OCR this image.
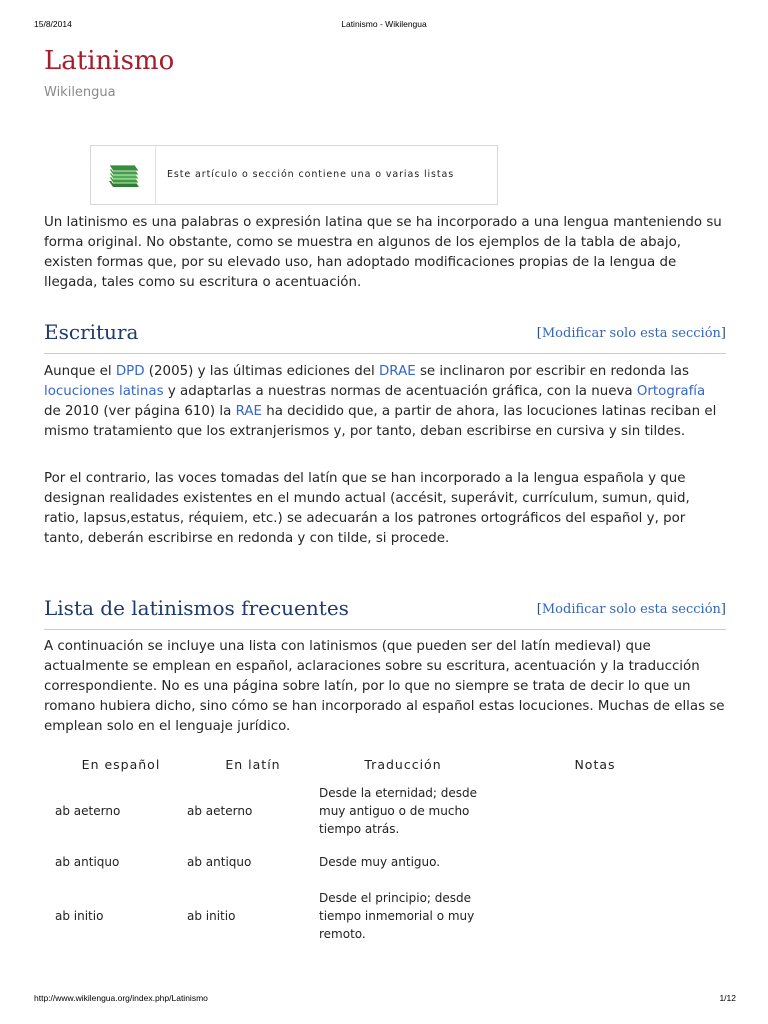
15/8/2014	Latinismo - Wikilengua
Latinismo
Wikilengua
Este artículo o sección contiene una o varias listas

Un latinismo es una palabras o expresión latina que se ha incorporado a una lengua manteniendo su forma original. No obstante, como se muestra en algunos de los ejemplos de la tabla de abajo, existen formas que, por su elevado uso, han adoptado modificaciones propias de la lengua de llegada, tales como su escritura o acentuación.

Escritura	[Modificar solo esta sección]

Aunque el DPD (2005) y las últimas ediciones del DRAE se inclinaron por escribir en redonda las locuciones latinas y adaptarlas a nuestras normas de acentuación gráfica, con la nueva Ortografía de 2010 (ver página 610) la RAE ha decidido que, a partir de ahora, las locuciones latinas reciban el mismo tratamiento que los extranjerismos y, por tanto, deban escribirse en cursiva y sin tildes.

Por el contrario, las voces tomadas del latín que se han incorporado a la lengua española y que designan realidades existentes en el mundo actual (accésit, superávit, currículum, sumun, quid, ratio, lapsus,estatus, réquiem, etc.) se adecuarán a los patrones ortográficos del español y, por tanto, deberán escribirse en redonda y con tilde, si procede.

Lista de latinismos frecuentes	[Modificar solo esta sección]

A continuación se incluye una lista con latinismos (que pueden ser del latín medieval) que actualmente se emplean en español, aclaraciones sobre su escritura, acentuación y la traducción correspondiente. No es una página sobre latín, por lo que no siempre se trata de decir lo que un romano hubiera dicho, sino cómo se han incorporado al español estas locuciones. Muchas de ellas se emplean solo en el lenguaje jurídico.

En español	En latín	Traducción	Notas
ab aeterno	ab aeterno	Desde la eternidad; desde muy antiguo o de mucho tiempo atrás.	
ab antiquo	ab antiquo	Desde muy antiguo.	
ab initio	ab initio	Desde el principio; desde tiempo inmemorial o muy remoto.	
http://www.wikilengua.org/index.php/Latinismo	1/12
